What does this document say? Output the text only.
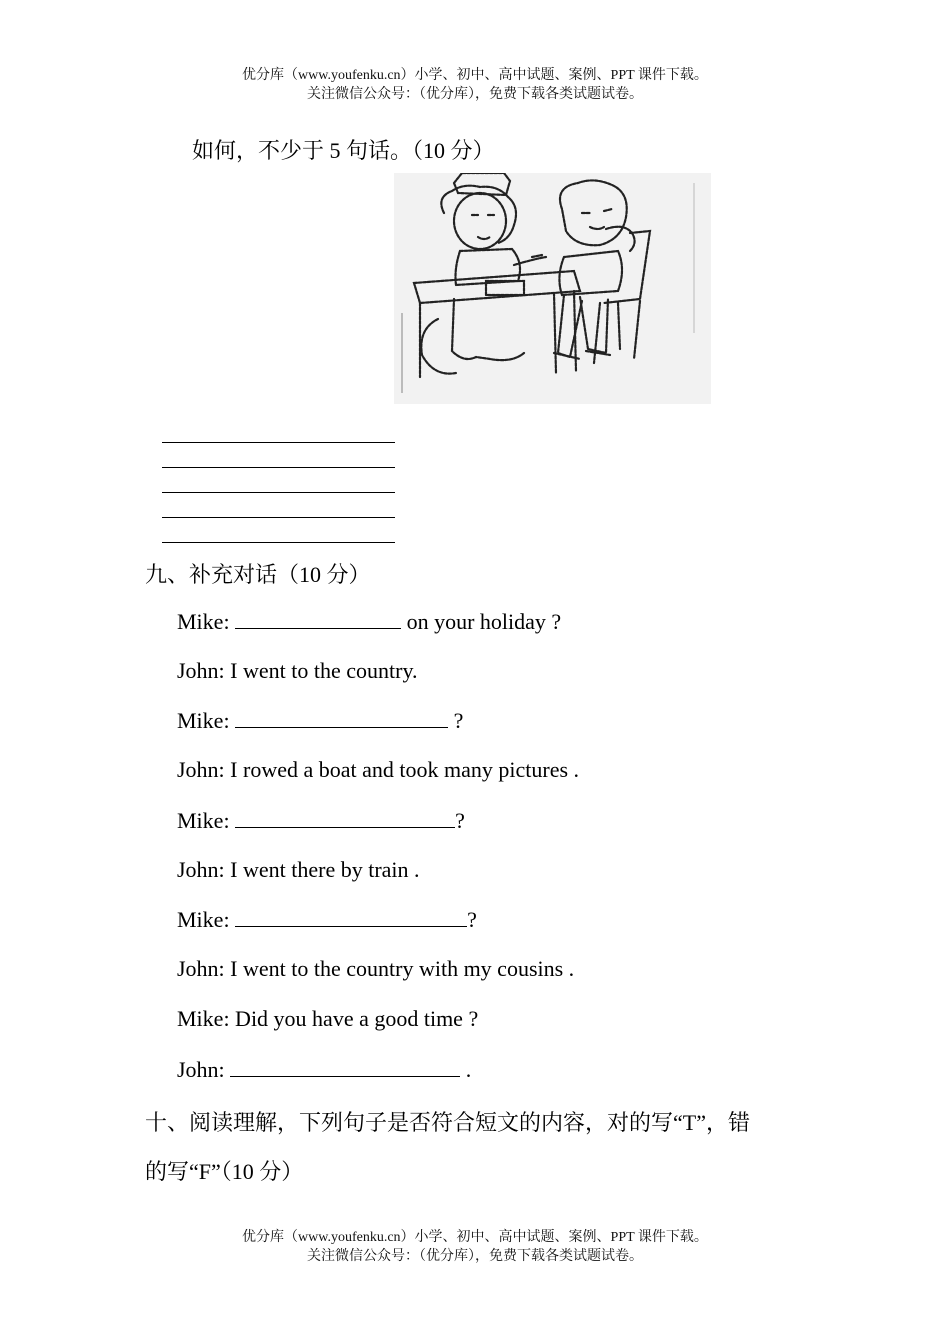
优分库（www.youfenku.cn）小学、初中、高中试题、案例、PPT 课件下载。
关注微信公众号：（优分库），免费下载各类试题试卷。
如何，不少于 5 句话。（10 分）
九、补充对话（10 分）
Mike:	on your holiday ?
John: I went to the country.
Mike:	?
John: I rowed a boat and took many pictures .
Mike:	?
John: I went there by train .
Mike:	?
John: I went to the country with my cousins .
Mike: Did you have a good time ?
John:	.
十、阅读理解，下列句子是否符合短文的内容，对的写“T”，错
的写“F”（10 分）
优分库（www.youfenku.cn）小学、初中、高中试题、案例、PPT 课件下载。
关注微信公众号：（优分库），免费下载各类试题试卷。
